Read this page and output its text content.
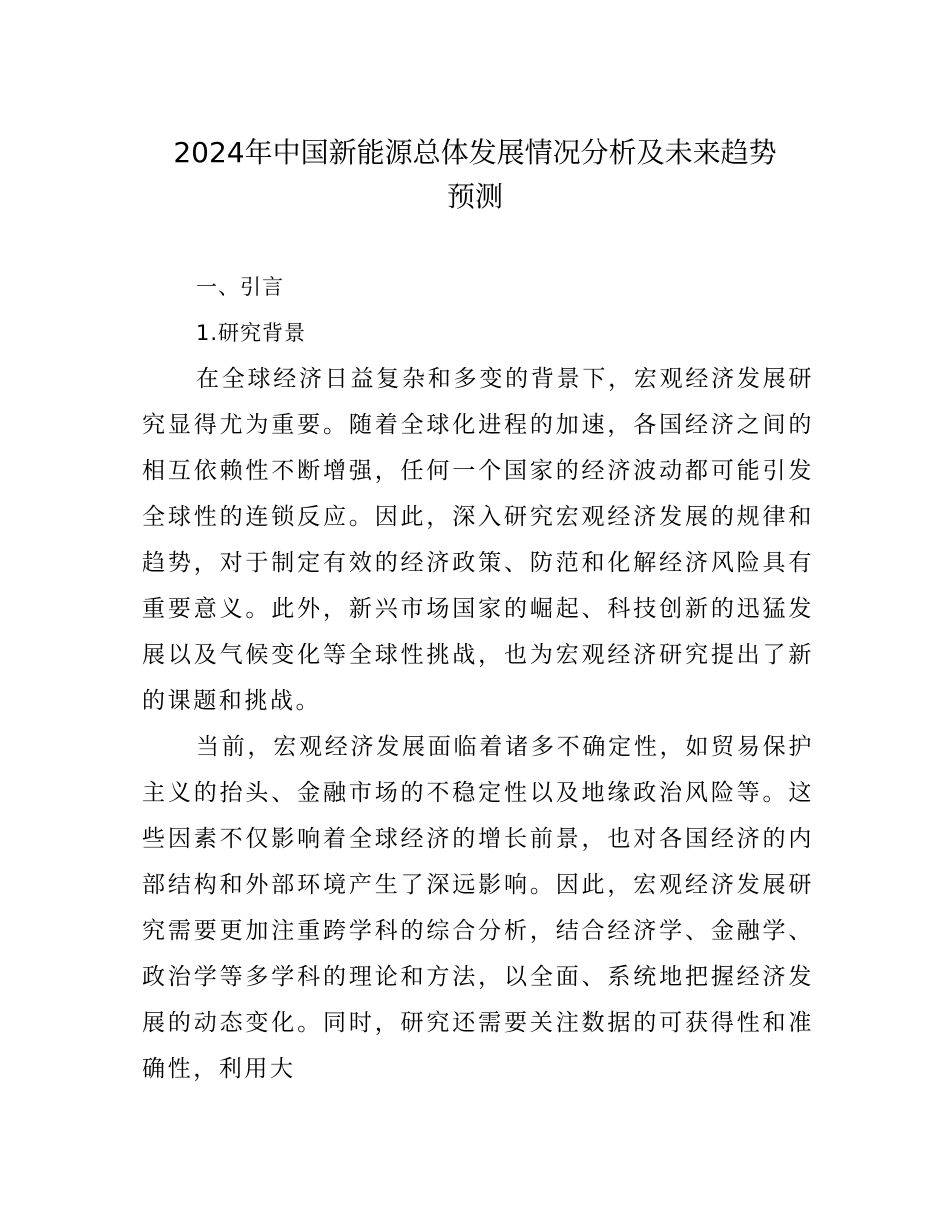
2024年中国新能源总体发展情况分析及未来趋势
预测

一、引言

1.研究背景

在全球经济日益复杂和多变的背景下，宏观经济发展研究显得尤为重要。随着全球化进程的加速，各国经济之间的相互依赖性不断增强，任何一个国家的经济波动都可能引发全球性的连锁反应。因此，深入研究宏观经济发展的规律和趋势，对于制定有效的经济政策、防范和化解经济风险具有重要意义。此外，新兴市场国家的崛起、科技创新的迅猛发展以及气候变化等全球性挑战，也为宏观经济研究提出了新的课题和挑战。

当前，宏观经济发展面临着诸多不确定性，如贸易保护主义的抬头、金融市场的不稳定性以及地缘政治风险等。这些因素不仅影响着全球经济的增长前景，也对各国经济的内部结构和外部环境产生了深远影响。因此，宏观经济发展研究需要更加注重跨学科的综合分析，结合经济学、金融学、政治学等多学科的理论和方法，以全面、系统地把握经济发展的动态变化。同时，研究还需要关注数据的可获得性和准确性，利用大
